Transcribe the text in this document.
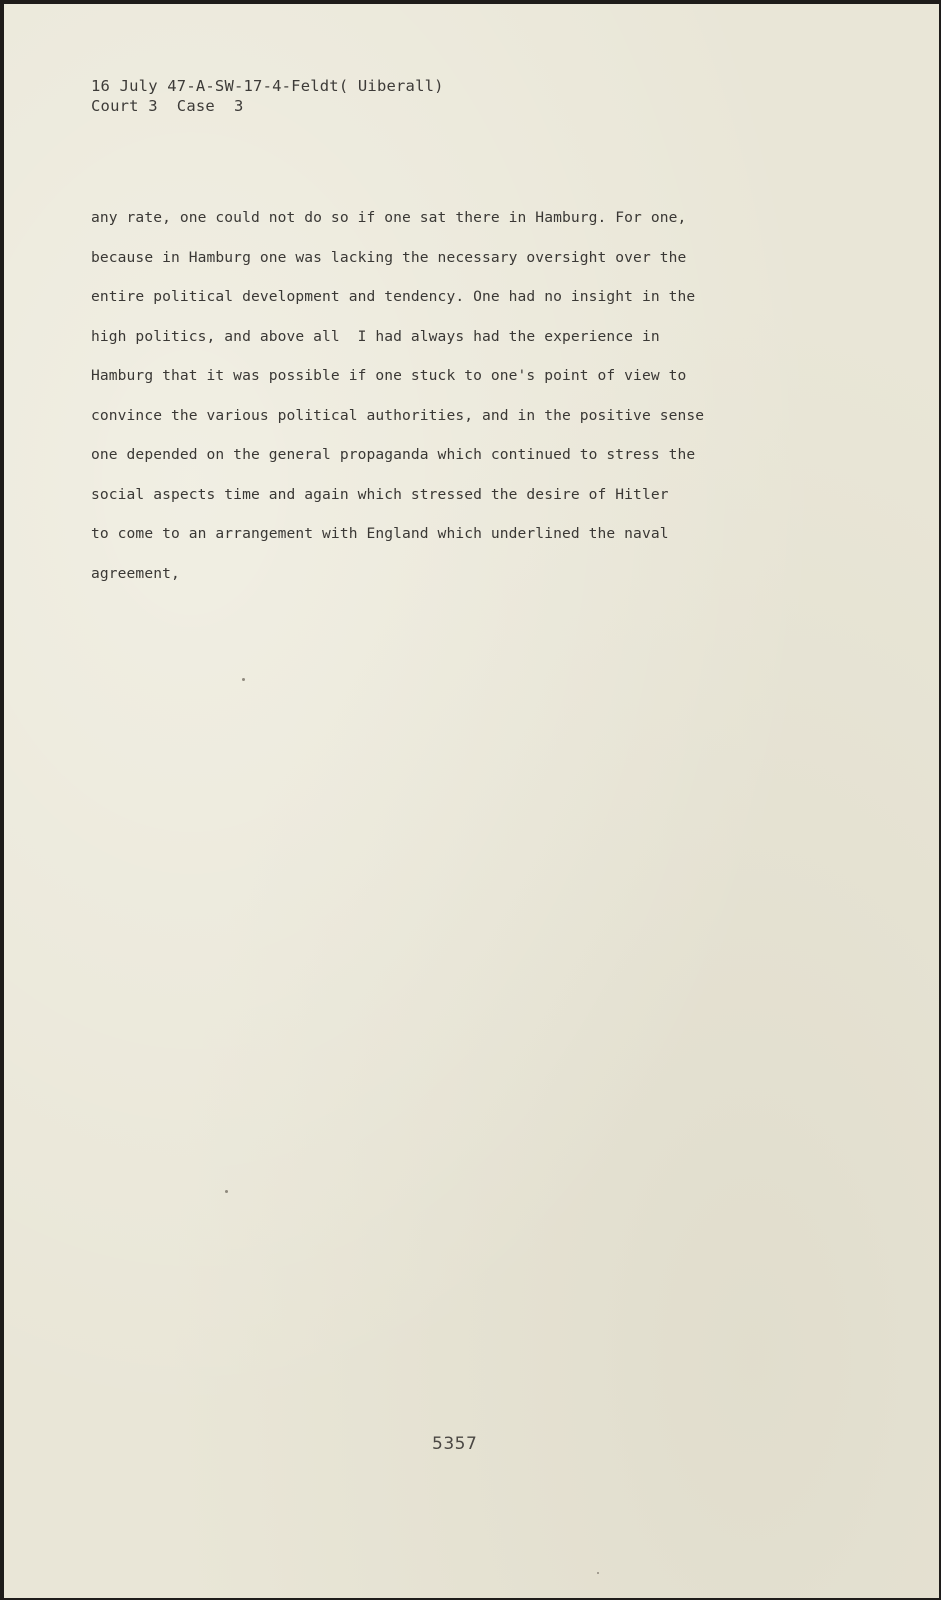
16 July 47-A-SW-17-4-Feldt( Uiberall)
Court 3  Case  3
any rate, one could not do so if one sat there in Hamburg. For one,
because in Hamburg one was lacking the necessary oversight over the
entire political development and tendency. One had no insight in the
high politics, and above all  I had always had the experience in
Hamburg that it was possible if one stuck to one's point of view to
convince the various political authorities, and in the positive sense
one depended on the general propaganda which continued to stress the
social aspects time and again which stressed the desire of Hitler
to come to an arrangement with England which underlined the naval
agreement,
5357
